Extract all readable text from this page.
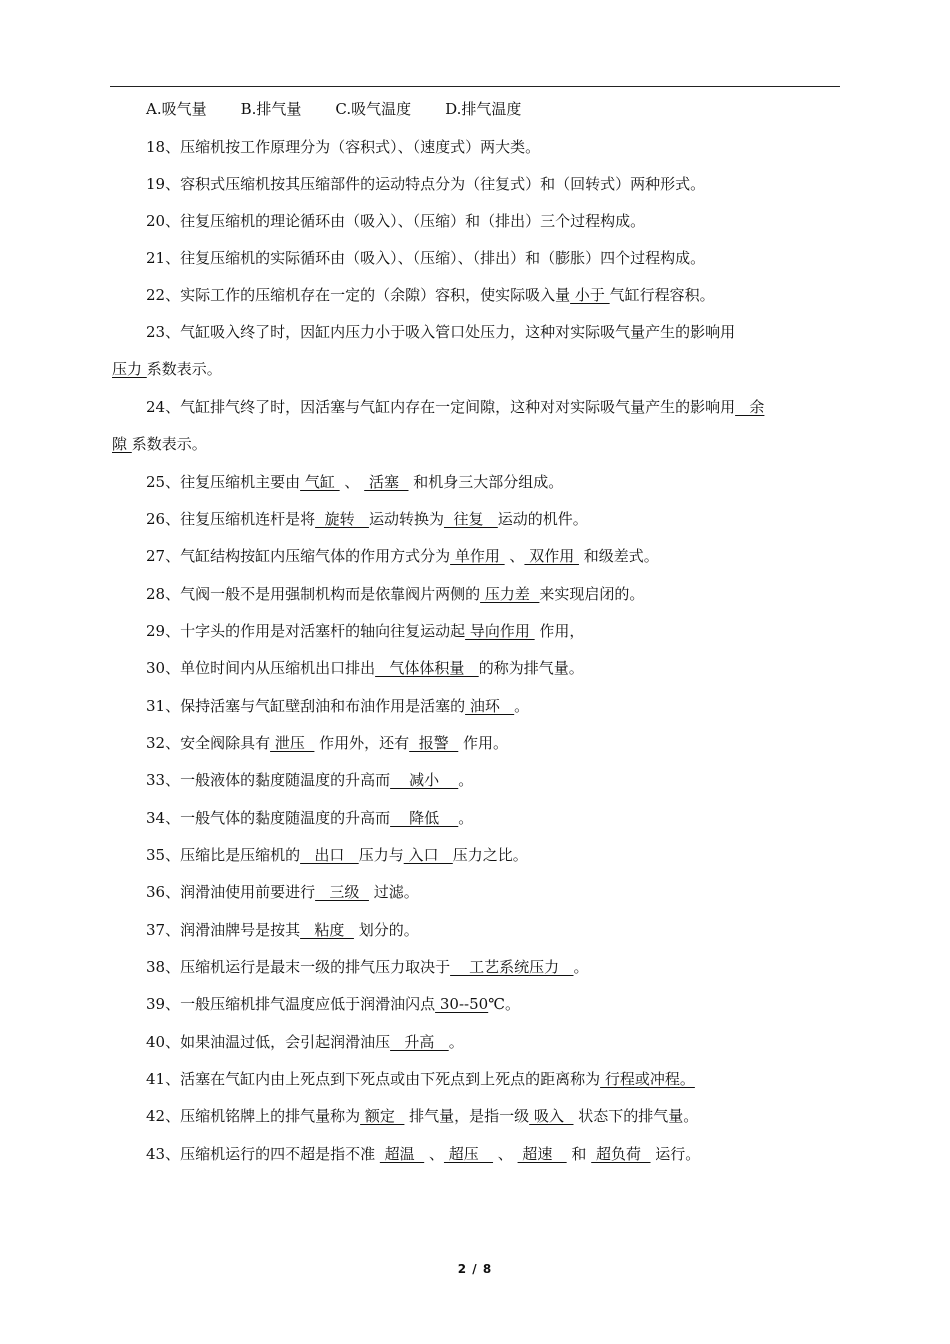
A.吸气量 B.排气量 C.吸气温度 D.排气温度
18、压缩机按工作原理分为（容积式）、（速度式）两大类。
19、容积式压缩机按其压缩部件的运动特点分为（往复式）和（回转式）两种形式。
20、往复压缩机的理论循环由（吸入）、（压缩）和（排出）三个过程构成。
21、往复压缩机的实际循环由（吸入）、（压缩）、（排出）和（膨胀）四个过程构成。
22、实际工作的压缩机存在一定的（余隙）容积，使实际吸入量 小于 气缸行程容积。
23、气缸吸入终了时，因缸内压力小于吸入管口处压力，这种对实际吸气量产生的影响用
压力 系数表示。
24、气缸排气终了时，因活塞与气缸内存在一定间隙，这种对对实际吸气量产生的影响用   余
隙 系数表示。
25、往复压缩机主要由 气缸  、  活塞   和机身三大部分组成。
26、往复压缩机连杆是将  旋转   运动转换为  往复   运动的机件。
27、气缸结构按缸内压缩气体的作用方式分为 单作用  、 双作用  和级差式。
28、气阀一般不是用强制机构而是依靠阀片两侧的 压力差  来实现启闭的。
29、十字头的作用是对活塞杆的轴向往复运动起 导向作用  作用，
30、单位时间内从压缩机出口排出   气体体积量   的称为排气量。
31、保持活塞与气缸壁刮油和布油作用是活塞的 油环   。
32、安全阀除具有 泄压   作用外，还有  报警   作用。
33、一般液体的黏度随温度的升高而    减小    。
34、一般气体的黏度随温度的升高而    降低    。
35、压缩比是压缩机的   出口   压力与 入口   压力之比。
36、润滑油使用前要进行   三级   过滤。
37、润滑油牌号是按其   粘度   划分的。
38、压缩机运行是最末一级的排气压力取决于    工艺系统压力   。
39、一般压缩机排气温度应低于润滑油闪点 30--50℃。
40、如果油温过低，会引起润滑油压   升高   。
41、活塞在气缸内由上死点到下死点或由下死点到上死点的距离称为 行程或冲程。
42、压缩机铭牌上的排气量称为 额定   排气量，是指一级 吸入   状态下的排气量。
43、压缩机运行的四不超是指不准  超温   、 超压    、  超速    和  超负荷   运行。
2 / 8
